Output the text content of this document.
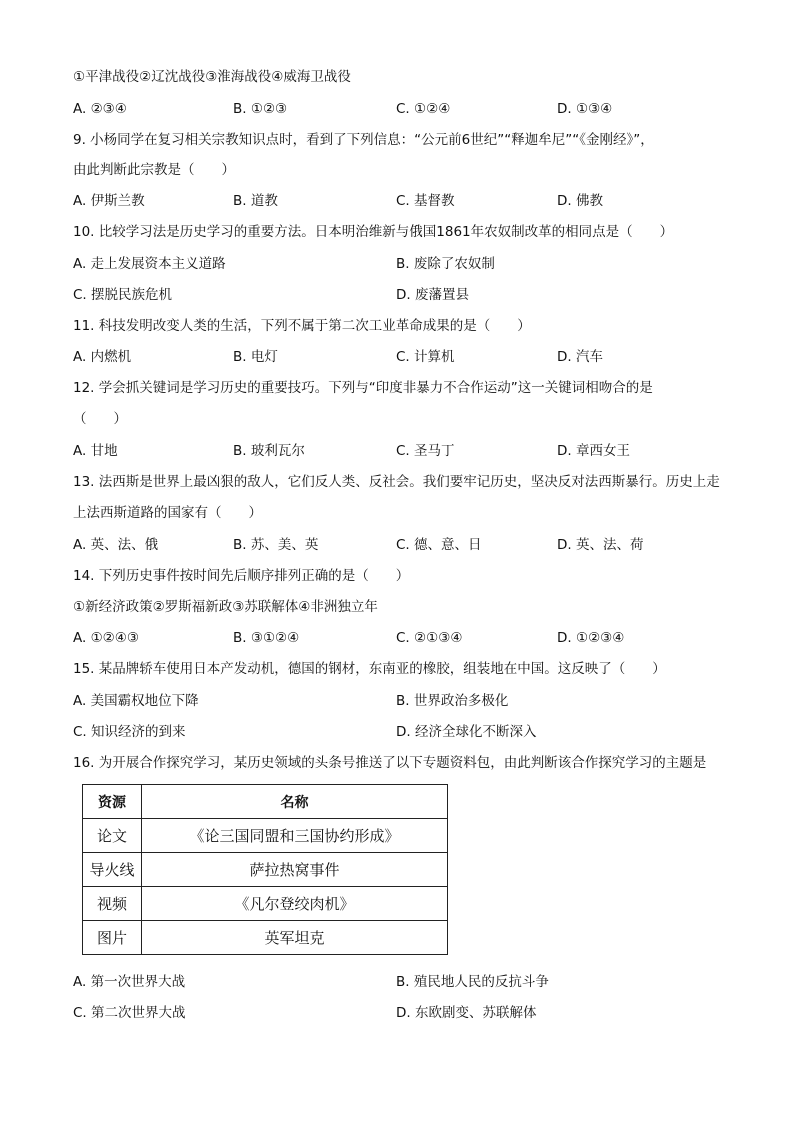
①平津战役②辽沈战役③淮海战役④威海卫战役
A. ②③④	B. ①②③	C. ①②④	D. ①③④
9. 小杨同学在复习相关宗教知识点时，看到了下列信息：“公元前6世纪”“释迦牟尼”“《金刚经》”，
由此判断此宗教是（　　）
A. 伊斯兰教	B. 道教	C. 基督教	D. 佛教
10. 比较学习法是历史学习的重要方法。日本明治维新与俄国1861年农奴制改革的相同点是（　　）
A. 走上发展资本主义道路	B. 废除了农奴制
C. 摆脱民族危机	D. 废藩置县
11. 科技发明改变人类的生活，下列不属于第二次工业革命成果的是（　　）
A. 内燃机	B. 电灯	C. 计算机	D. 汽车
12. 学会抓关键词是学习历史的重要技巧。下列与“印度非暴力不合作运动”这一关键词相吻合的是
（　　）
A. 甘地	B. 玻利瓦尔	C. 圣马丁	D. 章西女王
13. 法西斯是世界上最凶狠的敌人，它们反人类、反社会。我们要牢记历史，坚决反对法西斯暴行。历史上走
上法西斯道路的国家有（　　）
A. 英、法、俄	B. 苏、美、英	C. 德、意、日	D. 英、法、荷
14. 下列历史事件按时间先后顺序排列正确的是（　　）
①新经济政策②罗斯福新政③苏联解体④非洲独立年
A. ①②④③	B. ③①②④	C. ②①③④	D. ①②③④
15. 某品牌轿车使用日本产发动机，德国的钢材，东南亚的橡胶，组装地在中国。这反映了（　　）
A. 美国霸权地位下降	B. 世界政治多极化
C. 知识经济的到来	D. 经济全球化不断深入
16. 为开展合作探究学习，某历史领域的头条号推送了以下专题资料包，由此判断该合作探究学习的主题是
资源	名称
论文	《论三国同盟和三国协约形成》
导火线	萨拉热窝事件
视频	《凡尔登绞肉机》
图片	英军坦克
A. 第一次世界大战	B. 殖民地人民的反抗斗争
C. 第二次世界大战	D. 东欧剧变、苏联解体
